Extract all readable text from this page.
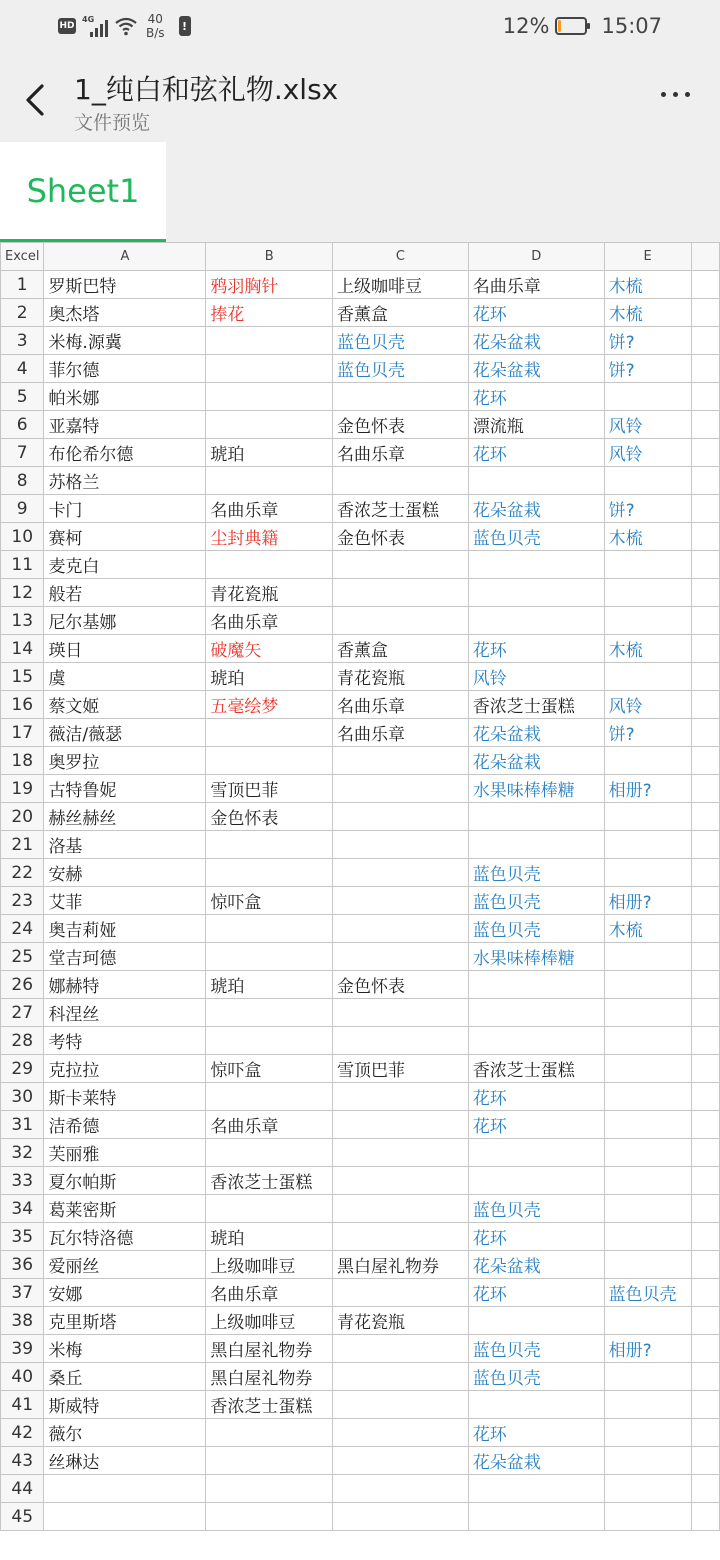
HD
4G	40
B/s	!	12% 15:07
1_纯白和弦礼物.xlsx
文件预览
Sheet1
Excel	A	B	C	D	E	
1	罗斯巴特	鸦羽胸针	上级咖啡豆	名曲乐章	木梳	
2	奥杰塔	捧花	香薰盒	花环	木梳	
3	米梅.源冀		蓝色贝壳	花朵盆栽	饼?	
4	菲尔德		蓝色贝壳	花朵盆栽	饼?	
5	帕米娜			花环		
6	亚嘉特		金色怀表	漂流瓶	风铃	
7	布伦希尔德	琥珀	名曲乐章	花环	风铃	
8	苏格兰					
9	卡门	名曲乐章	香浓芝士蛋糕	花朵盆栽	饼?	
10	赛柯	尘封典籍	金色怀表	蓝色贝壳	木梳	
11	麦克白					
12	般若	青花瓷瓶				
13	尼尔基娜	名曲乐章				
14	瑛日	破魔矢	香薰盒	花环	木梳	
15	虞	琥珀	青花瓷瓶	风铃		
16	蔡文姬	五毫绘梦	名曲乐章	香浓芝士蛋糕	风铃	
17	薇洁/薇瑟		名曲乐章	花朵盆栽	饼?	
18	奥罗拉			花朵盆栽		
19	古特鲁妮	雪顶巴菲		水果味棒棒糖	相册?	
20	赫丝赫丝	金色怀表				
21	洛基					
22	安赫			蓝色贝壳		
23	艾菲	惊吓盒		蓝色贝壳	相册?	
24	奥吉莉娅			蓝色贝壳	木梳	
25	堂吉珂德			水果味棒棒糖		
26	娜赫特	琥珀	金色怀表			
27	科涅丝					
28	考特					
29	克拉拉	惊吓盒	雪顶巴菲	香浓芝士蛋糕		
30	斯卡莱特			花环		
31	洁希德	名曲乐章		花环		
32	芙丽雅					
33	夏尔帕斯	香浓芝士蛋糕				
34	葛莱密斯			蓝色贝壳		
35	瓦尔特洛德	琥珀		花环		
36	爱丽丝	上级咖啡豆	黑白屋礼物券	花朵盆栽		
37	安娜	名曲乐章		花环	蓝色贝壳	
38	克里斯塔	上级咖啡豆	青花瓷瓶			
39	米梅	黑白屋礼物券		蓝色贝壳	相册?	
40	桑丘	黑白屋礼物券		蓝色贝壳		
41	斯威特	香浓芝士蛋糕				
42	薇尔			花环		
43	丝琳达			花朵盆栽		
44						
45						
